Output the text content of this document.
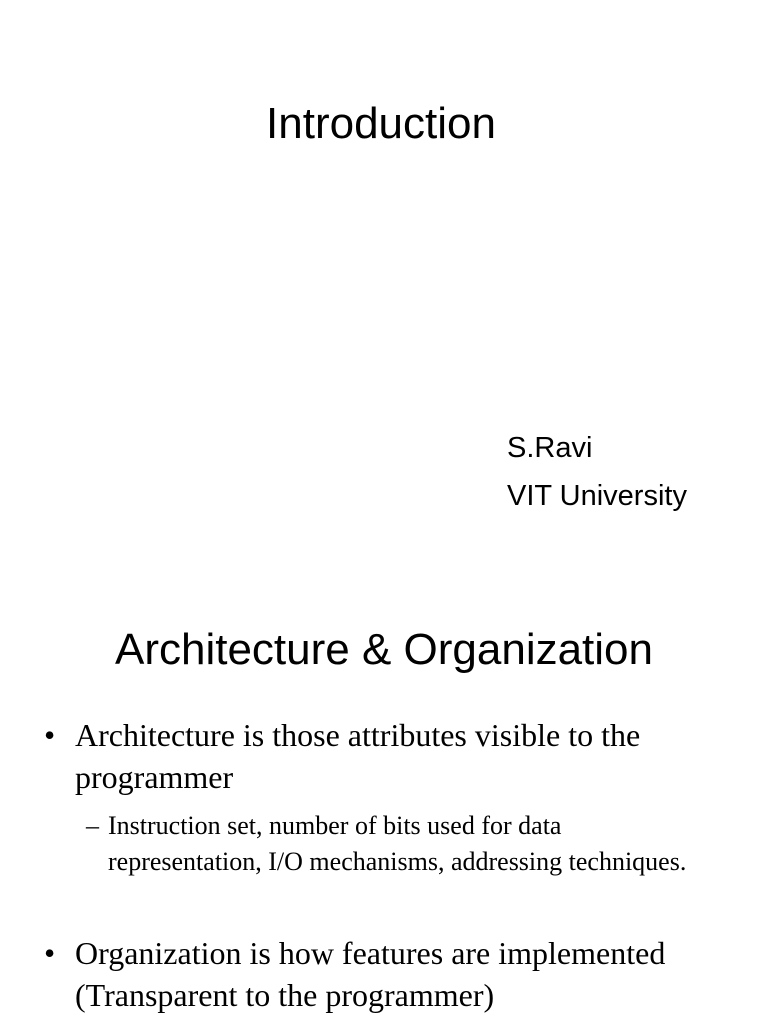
Introduction
S.Ravi
VIT University
Architecture & Organization
• Architecture is those attributes visible to the programmer
– Instruction set, number of bits used for data representation, I/O mechanisms, addressing techniques.
• Organization is how features are implemented (Transparent to the programmer)
